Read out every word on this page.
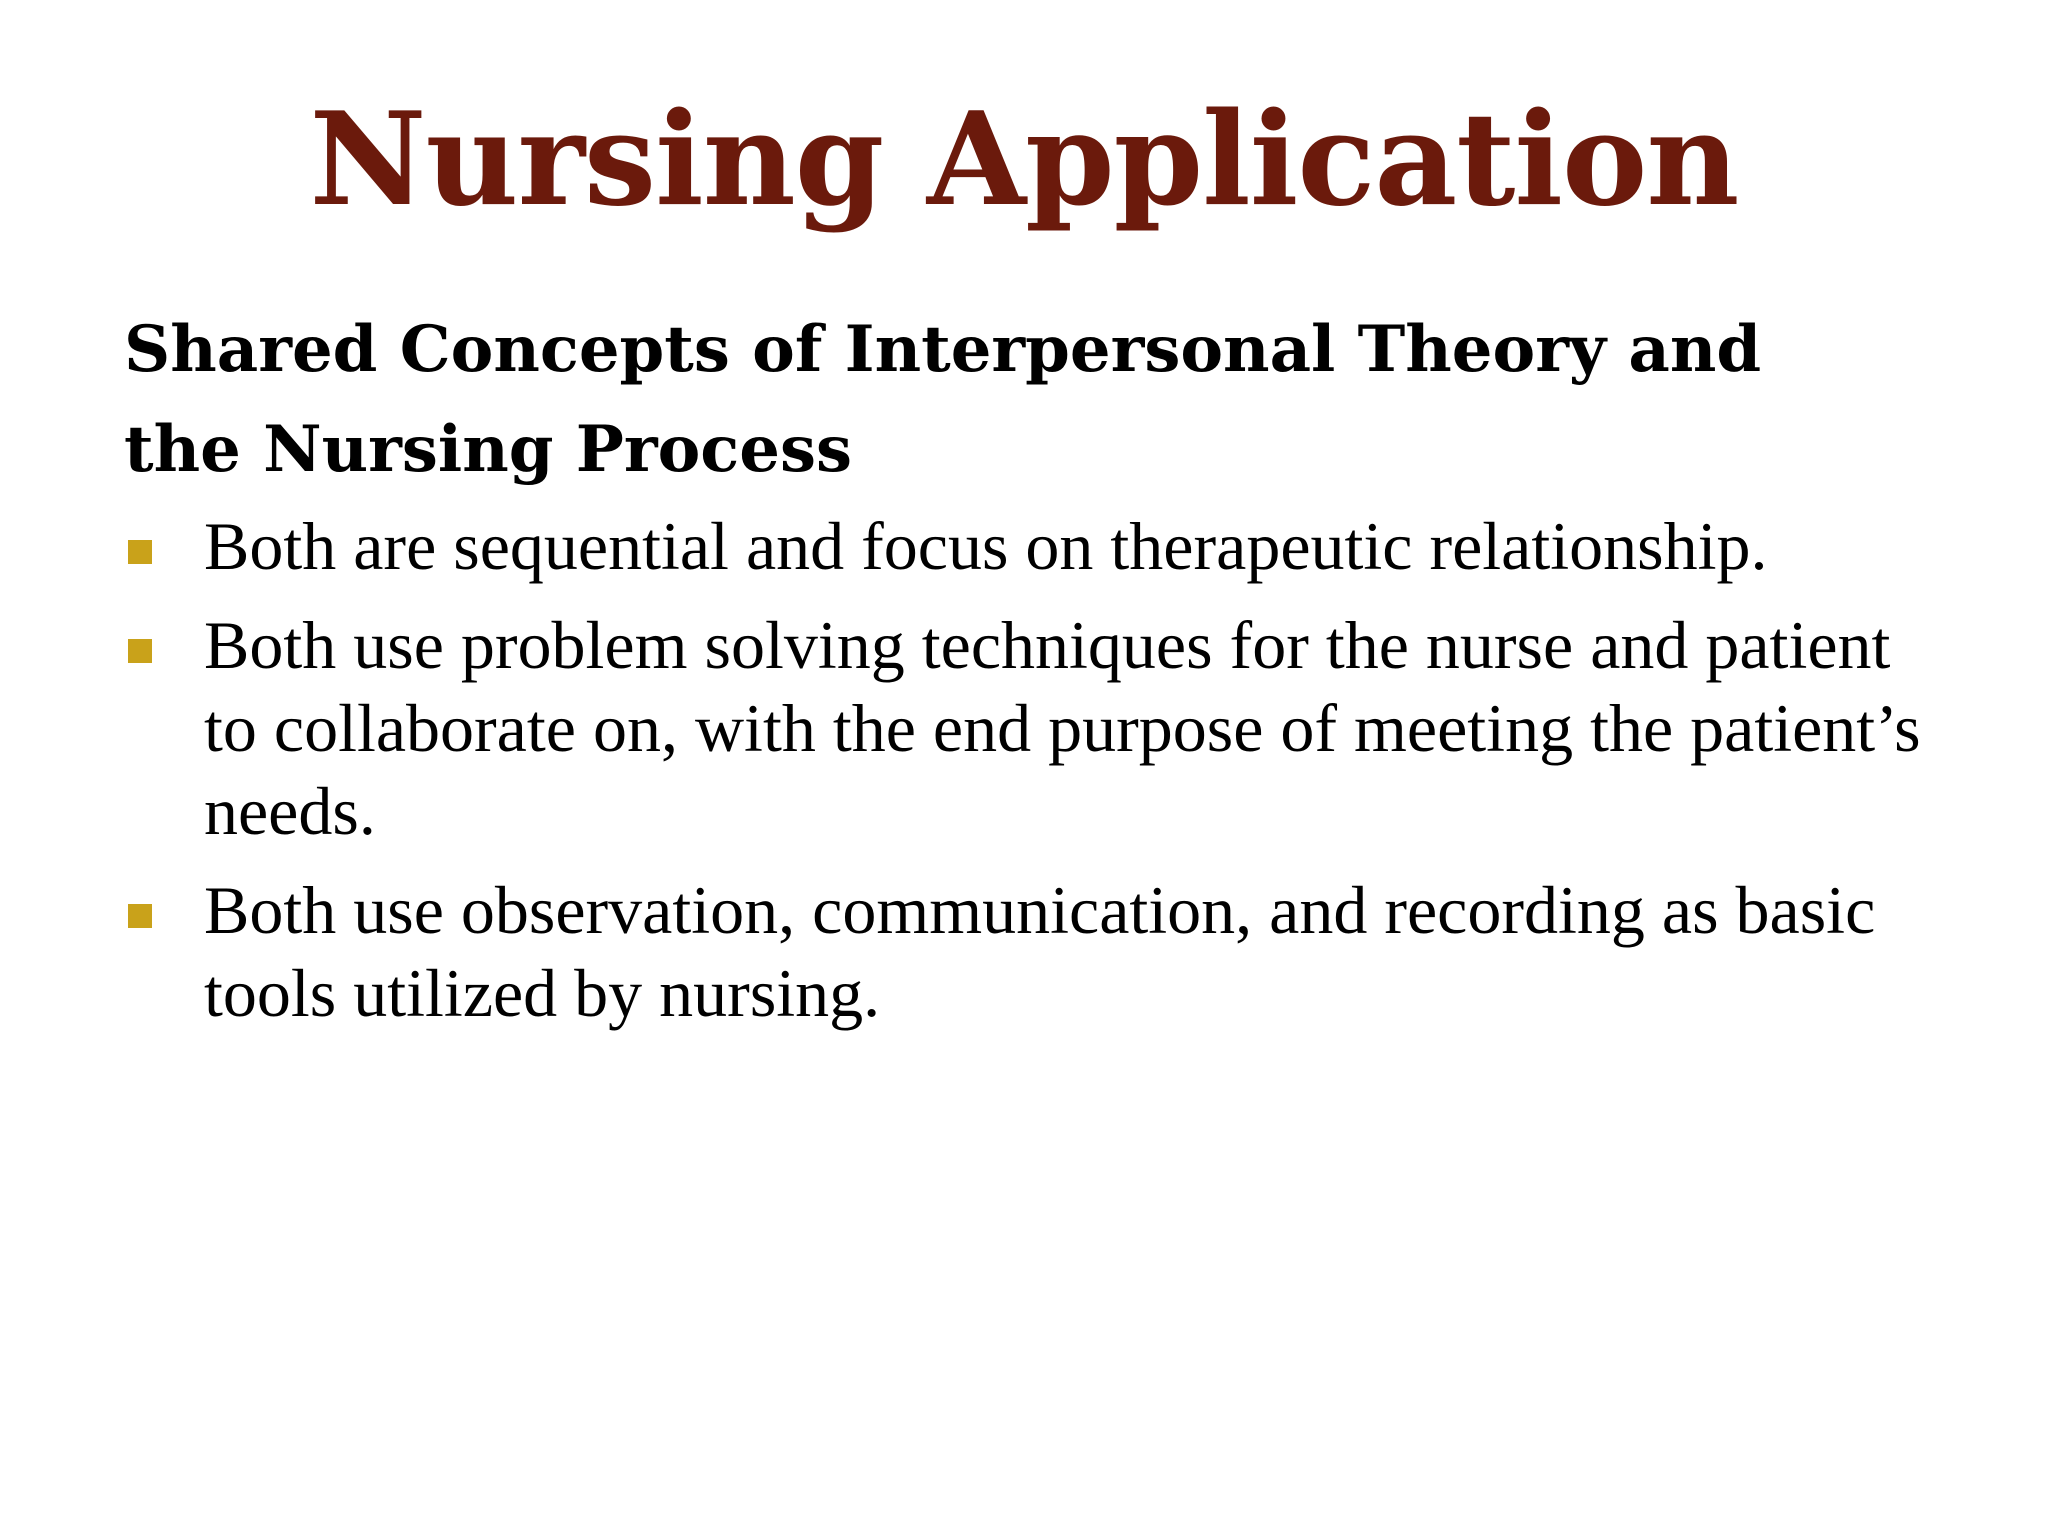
Nursing Application
Shared Concepts of Interpersonal Theory and
the Nursing Process
Both are sequential and focus on therapeutic relationship.
Both use problem solving techniques for the nurse and patient to collaborate on, with the end purpose of meeting the patient’s needs.
Both use observation, communication, and recording as basic tools utilized by nursing.
